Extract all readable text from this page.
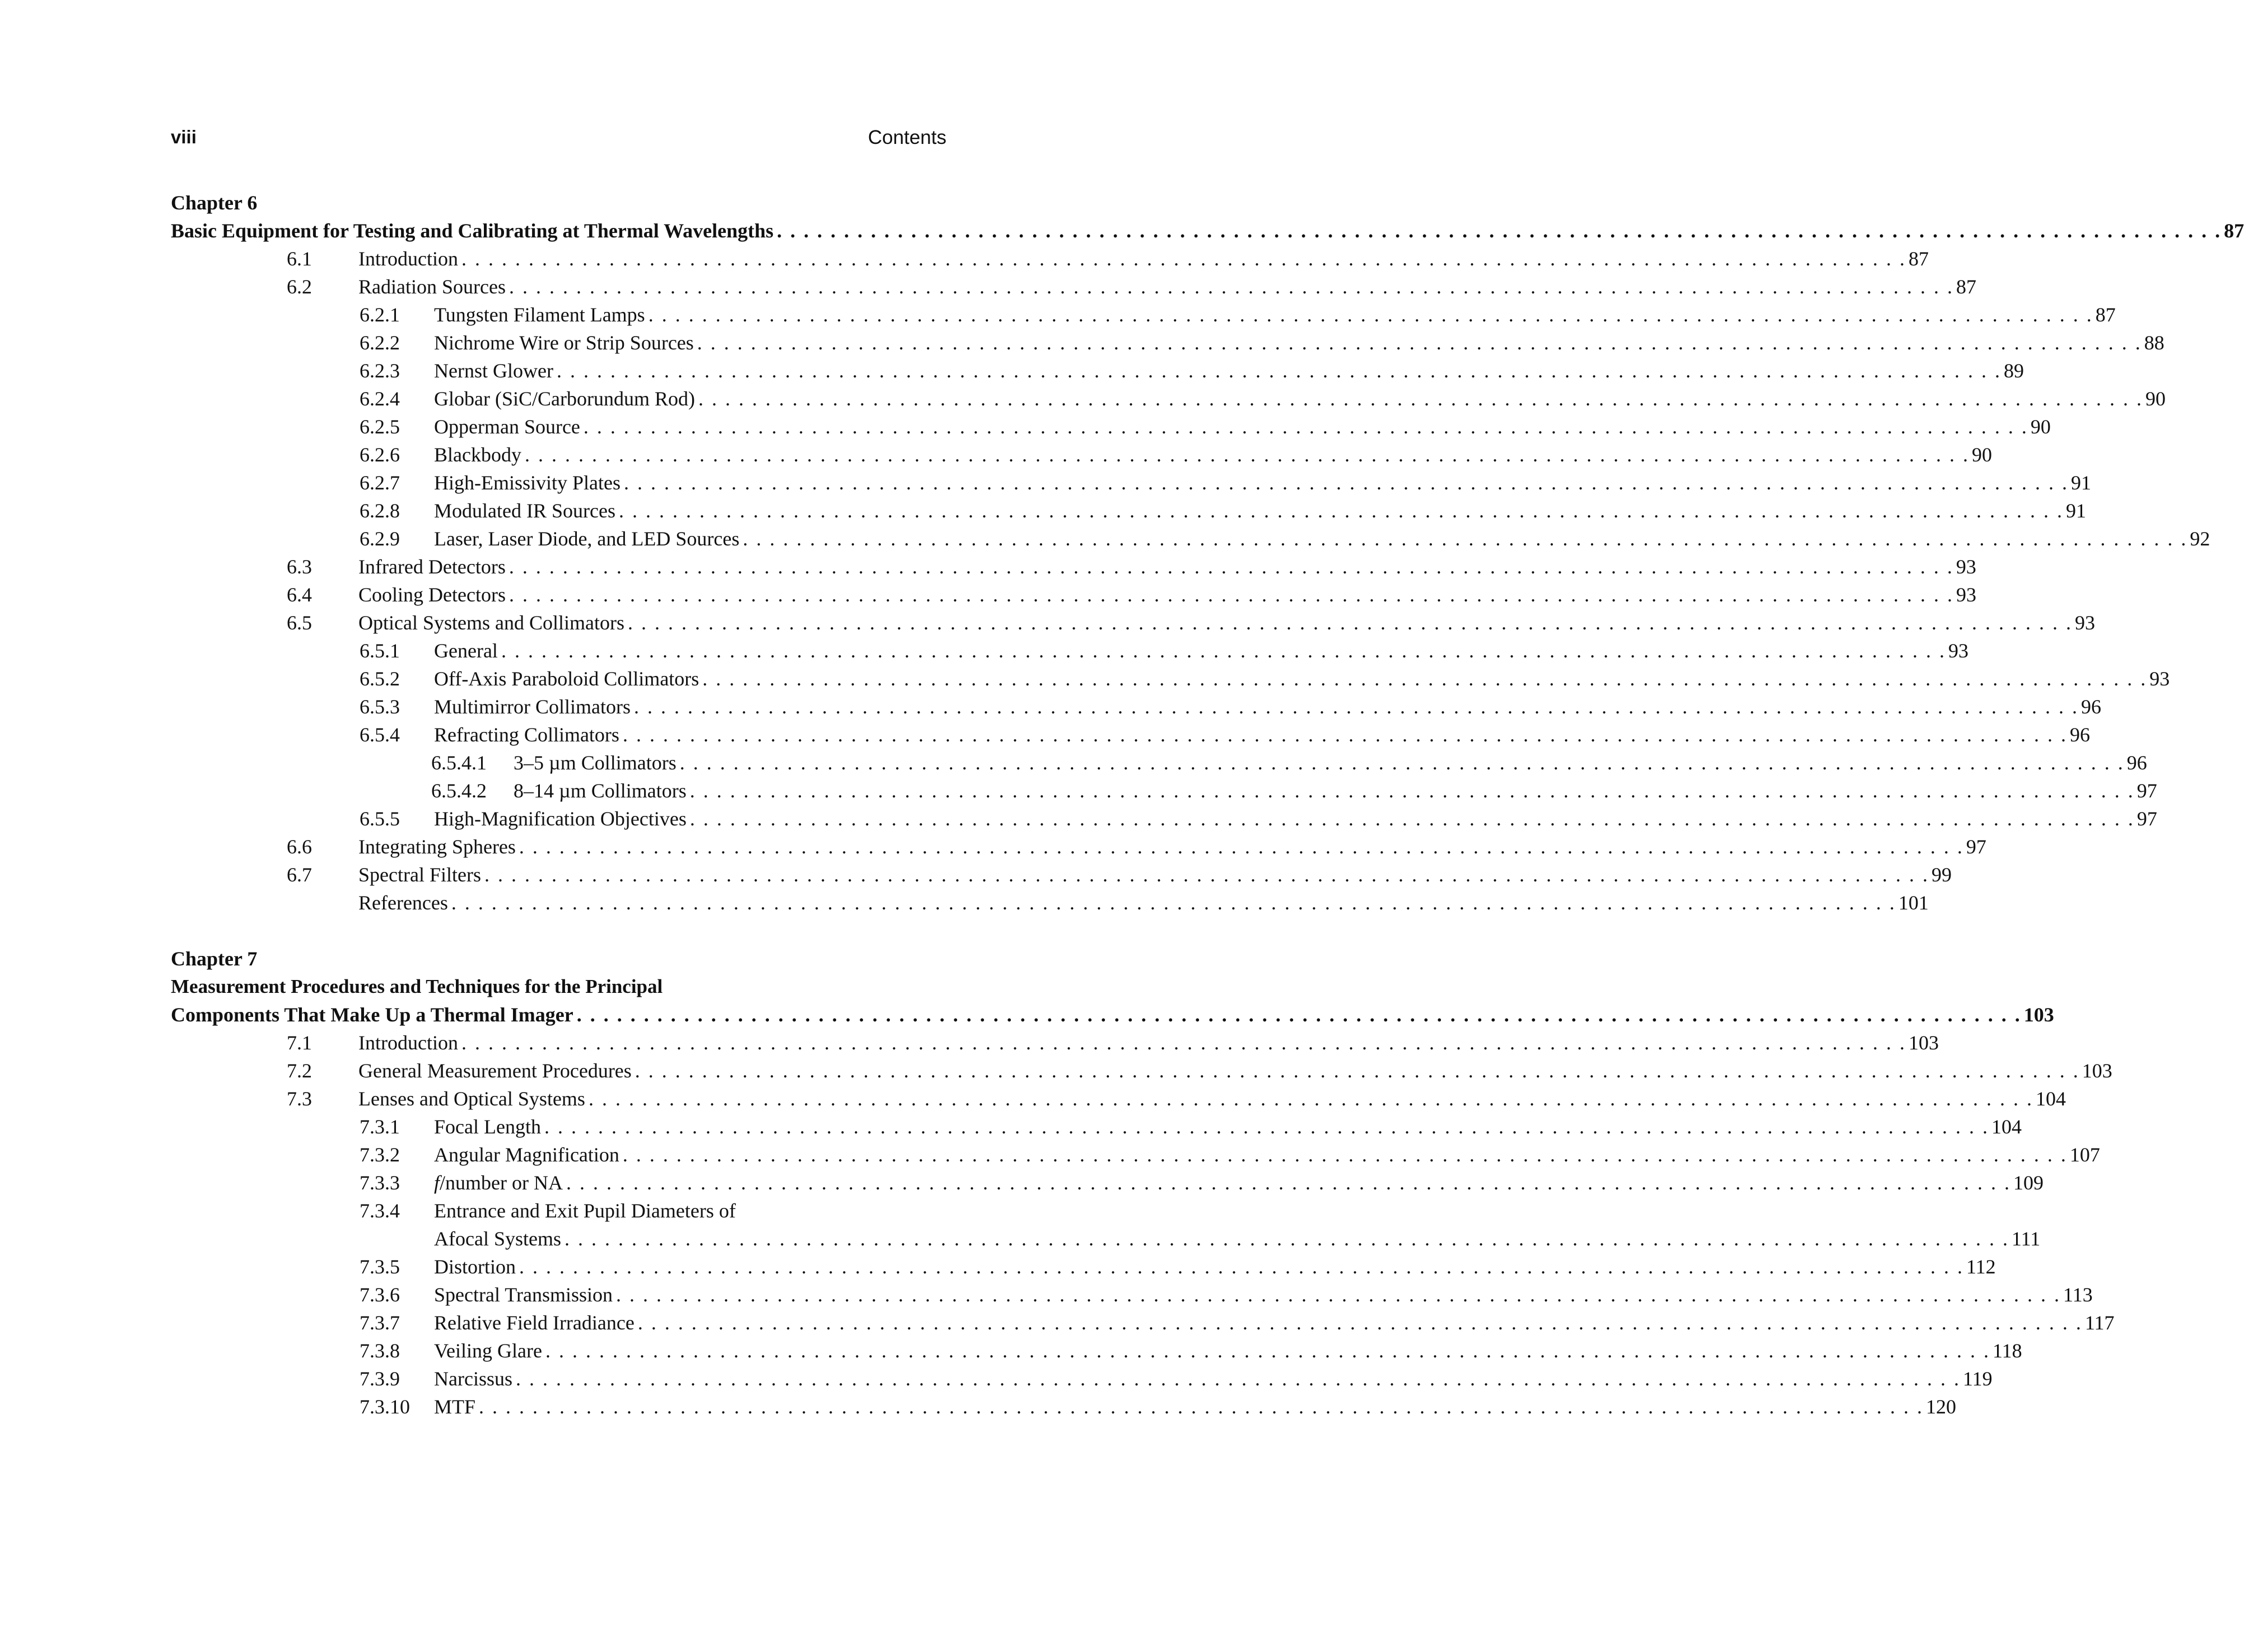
viii	Contents
Chapter 6
Basic Equipment for Testing and Calibrating at Thermal Wavelengths . . . . . . . . . . . . . . . . . . . . . . . . . . . . . . . . . . . . . . . . . . . . . . . . . . . . . . . . . . . . . . . . . . . . . . . . . . . . . . . . . . . . . . . . . . . . . . . . . . . . . . . . . . . . 87
6.1 Introduction . . . . . . . . . . . . . . . . . . . . . . . . . . . . . . . . . . . . . . . . . . . . . . . . . . . . . . . . . . . . . . . . . . . . . . . . . . . . . . . . . . . . . . . . . . . . . . . . . . . . . . . . . . . . 87
6.2 Radiation Sources . . . . . . . . . . . . . . . . . . . . . . . . . . . . . . . . . . . . . . . . . . . . . . . . . . . . . . . . . . . . . . . . . . . . . . . . . . . . . . . . . . . . . . . . . . . . . . . . . . . . . . . . . . . . 87
6.2.1 Tungsten Filament Lamps . . . . . . . . . . . . . . . . . . . . . . . . . . . . . . . . . . . . . . . . . . . . . . . . . . . . . . . . . . . . . . . . . . . . . . . . . . . . . . . . . . . . . . . . . . . . . . . . . . . . . . . . . . . . 87
6.2.2 Nichrome Wire or Strip Sources . . . . . . . . . . . . . . . . . . . . . . . . . . . . . . . . . . . . . . . . . . . . . . . . . . . . . . . . . . . . . . . . . . . . . . . . . . . . . . . . . . . . . . . . . . . . . . . . . . . . . . . . . . . . 88
6.2.3 Nernst Glower . . . . . . . . . . . . . . . . . . . . . . . . . . . . . . . . . . . . . . . . . . . . . . . . . . . . . . . . . . . . . . . . . . . . . . . . . . . . . . . . . . . . . . . . . . . . . . . . . . . . . . . . . . . . 89
6.2.4 Globar (SiC/Carborundum Rod) . . . . . . . . . . . . . . . . . . . . . . . . . . . . . . . . . . . . . . . . . . . . . . . . . . . . . . . . . . . . . . . . . . . . . . . . . . . . . . . . . . . . . . . . . . . . . . . . . . . . . . . . . . . . 90
6.2.5 Opperman Source . . . . . . . . . . . . . . . . . . . . . . . . . . . . . . . . . . . . . . . . . . . . . . . . . . . . . . . . . . . . . . . . . . . . . . . . . . . . . . . . . . . . . . . . . . . . . . . . . . . . . . . . . . . . 90
6.2.6 Blackbody . . . . . . . . . . . . . . . . . . . . . . . . . . . . . . . . . . . . . . . . . . . . . . . . . . . . . . . . . . . . . . . . . . . . . . . . . . . . . . . . . . . . . . . . . . . . . . . . . . . . . . . . . . . . 90
6.2.7 High-Emissivity Plates . . . . . . . . . . . . . . . . . . . . . . . . . . . . . . . . . . . . . . . . . . . . . . . . . . . . . . . . . . . . . . . . . . . . . . . . . . . . . . . . . . . . . . . . . . . . . . . . . . . . . . . . . . . . 91
6.2.8 Modulated IR Sources . . . . . . . . . . . . . . . . . . . . . . . . . . . . . . . . . . . . . . . . . . . . . . . . . . . . . . . . . . . . . . . . . . . . . . . . . . . . . . . . . . . . . . . . . . . . . . . . . . . . . . . . . . . . 91
6.2.9 Laser, Laser Diode, and LED Sources . . . . . . . . . . . . . . . . . . . . . . . . . . . . . . . . . . . . . . . . . . . . . . . . . . . . . . . . . . . . . . . . . . . . . . . . . . . . . . . . . . . . . . . . . . . . . . . . . . . . . . . . . . . . 92
6.3 Infrared Detectors . . . . . . . . . . . . . . . . . . . . . . . . . . . . . . . . . . . . . . . . . . . . . . . . . . . . . . . . . . . . . . . . . . . . . . . . . . . . . . . . . . . . . . . . . . . . . . . . . . . . . . . . . . . . 93
6.4 Cooling Detectors . . . . . . . . . . . . . . . . . . . . . . . . . . . . . . . . . . . . . . . . . . . . . . . . . . . . . . . . . . . . . . . . . . . . . . . . . . . . . . . . . . . . . . . . . . . . . . . . . . . . . . . . . . . . 93
6.5 Optical Systems and Collimators . . . . . . . . . . . . . . . . . . . . . . . . . . . . . . . . . . . . . . . . . . . . . . . . . . . . . . . . . . . . . . . . . . . . . . . . . . . . . . . . . . . . . . . . . . . . . . . . . . . . . . . . . . . . 93
6.5.1 General . . . . . . . . . . . . . . . . . . . . . . . . . . . . . . . . . . . . . . . . . . . . . . . . . . . . . . . . . . . . . . . . . . . . . . . . . . . . . . . . . . . . . . . . . . . . . . . . . . . . . . . . . . . . 93
6.5.2 Off-Axis Paraboloid Collimators . . . . . . . . . . . . . . . . . . . . . . . . . . . . . . . . . . . . . . . . . . . . . . . . . . . . . . . . . . . . . . . . . . . . . . . . . . . . . . . . . . . . . . . . . . . . . . . . . . . . . . . . . . . . 93
6.5.3 Multimirror Collimators . . . . . . . . . . . . . . . . . . . . . . . . . . . . . . . . . . . . . . . . . . . . . . . . . . . . . . . . . . . . . . . . . . . . . . . . . . . . . . . . . . . . . . . . . . . . . . . . . . . . . . . . . . . . 96
6.5.4 Refracting Collimators . . . . . . . . . . . . . . . . . . . . . . . . . . . . . . . . . . . . . . . . . . . . . . . . . . . . . . . . . . . . . . . . . . . . . . . . . . . . . . . . . . . . . . . . . . . . . . . . . . . . . . . . . . . . 96
6.5.4.1 3–5 µm Collimators . . . . . . . . . . . . . . . . . . . . . . . . . . . . . . . . . . . . . . . . . . . . . . . . . . . . . . . . . . . . . . . . . . . . . . . . . . . . . . . . . . . . . . . . . . . . . . . . . . . . . . . . . . . . 96
6.5.4.2 8–14 µm Collimators . . . . . . . . . . . . . . . . . . . . . . . . . . . . . . . . . . . . . . . . . . . . . . . . . . . . . . . . . . . . . . . . . . . . . . . . . . . . . . . . . . . . . . . . . . . . . . . . . . . . . . . . . . . . 97
6.5.5 High-Magnification Objectives . . . . . . . . . . . . . . . . . . . . . . . . . . . . . . . . . . . . . . . . . . . . . . . . . . . . . . . . . . . . . . . . . . . . . . . . . . . . . . . . . . . . . . . . . . . . . . . . . . . . . . . . . . . . 97
6.6 Integrating Spheres . . . . . . . . . . . . . . . . . . . . . . . . . . . . . . . . . . . . . . . . . . . . . . . . . . . . . . . . . . . . . . . . . . . . . . . . . . . . . . . . . . . . . . . . . . . . . . . . . . . . . . . . . . . . 97
6.7 Spectral Filters . . . . . . . . . . . . . . . . . . . . . . . . . . . . . . . . . . . . . . . . . . . . . . . . . . . . . . . . . . . . . . . . . . . . . . . . . . . . . . . . . . . . . . . . . . . . . . . . . . . . . . . . . . . . 99
References . . . . . . . . . . . . . . . . . . . . . . . . . . . . . . . . . . . . . . . . . . . . . . . . . . . . . . . . . . . . . . . . . . . . . . . . . . . . . . . . . . . . . . . . . . . . . . . . . . . . . . . . . . . . 101
Chapter 7
Measurement Procedures and Techniques for the Principal
Components That Make Up a Thermal Imager . . . . . . . . . . . . . . . . . . . . . . . . . . . . . . . . . . . . . . . . . . . . . . . . . . . . . . . . . . . . . . . . . . . . . . . . . . . . . . . . . . . . . . . . . . . . . . . . . . . . . . . . . . . . 103
7.1 Introduction . . . . . . . . . . . . . . . . . . . . . . . . . . . . . . . . . . . . . . . . . . . . . . . . . . . . . . . . . . . . . . . . . . . . . . . . . . . . . . . . . . . . . . . . . . . . . . . . . . . . . . . . . . . . 103
7.2 General Measurement Procedures . . . . . . . . . . . . . . . . . . . . . . . . . . . . . . . . . . . . . . . . . . . . . . . . . . . . . . . . . . . . . . . . . . . . . . . . . . . . . . . . . . . . . . . . . . . . . . . . . . . . . . . . . . . . 103
7.3 Lenses and Optical Systems . . . . . . . . . . . . . . . . . . . . . . . . . . . . . . . . . . . . . . . . . . . . . . . . . . . . . . . . . . . . . . . . . . . . . . . . . . . . . . . . . . . . . . . . . . . . . . . . . . . . . . . . . . . . 104
7.3.1 Focal Length . . . . . . . . . . . . . . . . . . . . . . . . . . . . . . . . . . . . . . . . . . . . . . . . . . . . . . . . . . . . . . . . . . . . . . . . . . . . . . . . . . . . . . . . . . . . . . . . . . . . . . . . . . . . 104
7.3.2 Angular Magnification . . . . . . . . . . . . . . . . . . . . . . . . . . . . . . . . . . . . . . . . . . . . . . . . . . . . . . . . . . . . . . . . . . . . . . . . . . . . . . . . . . . . . . . . . . . . . . . . . . . . . . . . . . . . 107
7.3.3 f/number or NA . . . . . . . . . . . . . . . . . . . . . . . . . . . . . . . . . . . . . . . . . . . . . . . . . . . . . . . . . . . . . . . . . . . . . . . . . . . . . . . . . . . . . . . . . . . . . . . . . . . . . . . . . . . . 109
7.3.4 Entrance and Exit Pupil Diameters of
Afocal Systems . . . . . . . . . . . . . . . . . . . . . . . . . . . . . . . . . . . . . . . . . . . . . . . . . . . . . . . . . . . . . . . . . . . . . . . . . . . . . . . . . . . . . . . . . . . . . . . . . . . . . . . . . . . . 111
7.3.5 Distortion . . . . . . . . . . . . . . . . . . . . . . . . . . . . . . . . . . . . . . . . . . . . . . . . . . . . . . . . . . . . . . . . . . . . . . . . . . . . . . . . . . . . . . . . . . . . . . . . . . . . . . . . . . . . 112
7.3.6 Spectral Transmission . . . . . . . . . . . . . . . . . . . . . . . . . . . . . . . . . . . . . . . . . . . . . . . . . . . . . . . . . . . . . . . . . . . . . . . . . . . . . . . . . . . . . . . . . . . . . . . . . . . . . . . . . . . . 113
7.3.7 Relative Field Irradiance . . . . . . . . . . . . . . . . . . . . . . . . . . . . . . . . . . . . . . . . . . . . . . . . . . . . . . . . . . . . . . . . . . . . . . . . . . . . . . . . . . . . . . . . . . . . . . . . . . . . . . . . . . . . 117
7.3.8 Veiling Glare . . . . . . . . . . . . . . . . . . . . . . . . . . . . . . . . . . . . . . . . . . . . . . . . . . . . . . . . . . . . . . . . . . . . . . . . . . . . . . . . . . . . . . . . . . . . . . . . . . . . . . . . . . . . 118
7.3.9 Narcissus . . . . . . . . . . . . . . . . . . . . . . . . . . . . . . . . . . . . . . . . . . . . . . . . . . . . . . . . . . . . . . . . . . . . . . . . . . . . . . . . . . . . . . . . . . . . . . . . . . . . . . . . . . . . 119
7.3.10 MTF . . . . . . . . . . . . . . . . . . . . . . . . . . . . . . . . . . . . . . . . . . . . . . . . . . . . . . . . . . . . . . . . . . . . . . . . . . . . . . . . . . . . . . . . . . . . . . . . . . . . . . . . . . . . 120
